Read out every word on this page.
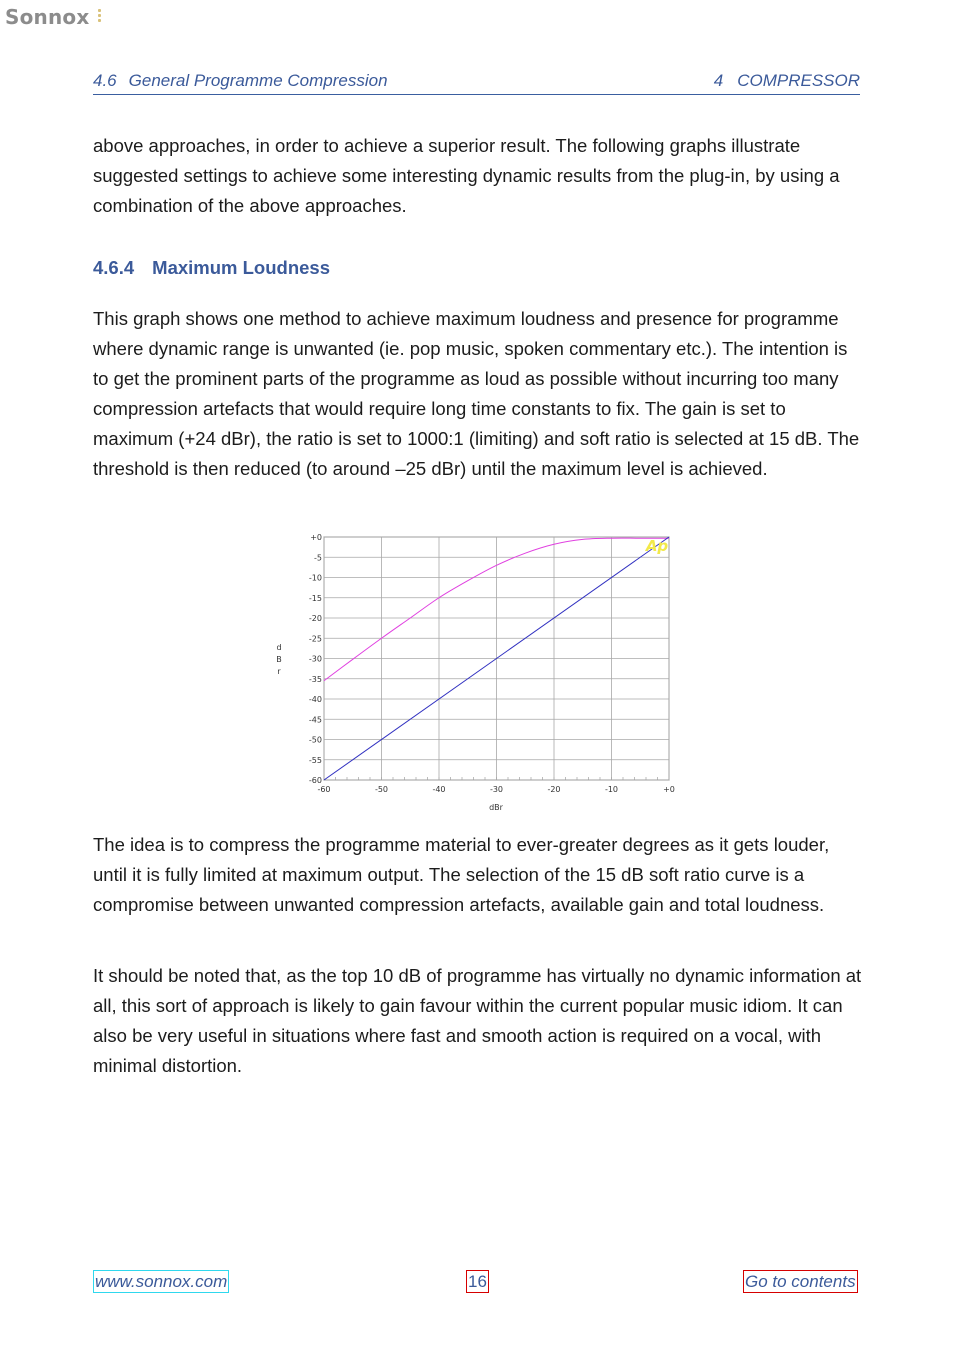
Sonnox
4.6 General Programme Compression	4 COMPRESSOR

above approaches, in order to achieve a superior result. The following graphs illustrate suggested settings to achieve some interesting dynamic results from the plug-in, by using a combination of the above approaches.

4.6.4 Maximum Loudness

This graph shows one method to achieve maximum loudness and presence for programme where dynamic range is unwanted (ie. pop music, spoken commentary etc.). The intention is to get the prominent parts of the programme as loud as possible without incurring too many compression artefacts that would require long time constants to fix. The gain is set to maximum (+24 dBr), the ratio is set to 1000:1 (limiting) and soft ratio is selected at 15 dB. The threshold is then reduced (to around –25 dBr) until the maximum level is achieved.

+0
-5
-10
-15
-20
-25
-30
-35
-40
-45
-50
-55
-60
-60	-50	-40	-30	-20	-10	+0
Ap
d
B
r
dBr

The idea is to compress the programme material to ever-greater degrees as it gets louder, until it is fully limited at maximum output. The selection of the 15 dB soft ratio curve is a compromise between unwanted compression artefacts, available gain and total loudness.

It should be noted that, as the top 10 dB of programme has virtually no dynamic information at all, this sort of approach is likely to gain favour within the current popular music idiom. It can also be very useful in situations where fast and smooth action is required on a vocal, with minimal distortion.

www.sonnox.com	16	Go to contents
